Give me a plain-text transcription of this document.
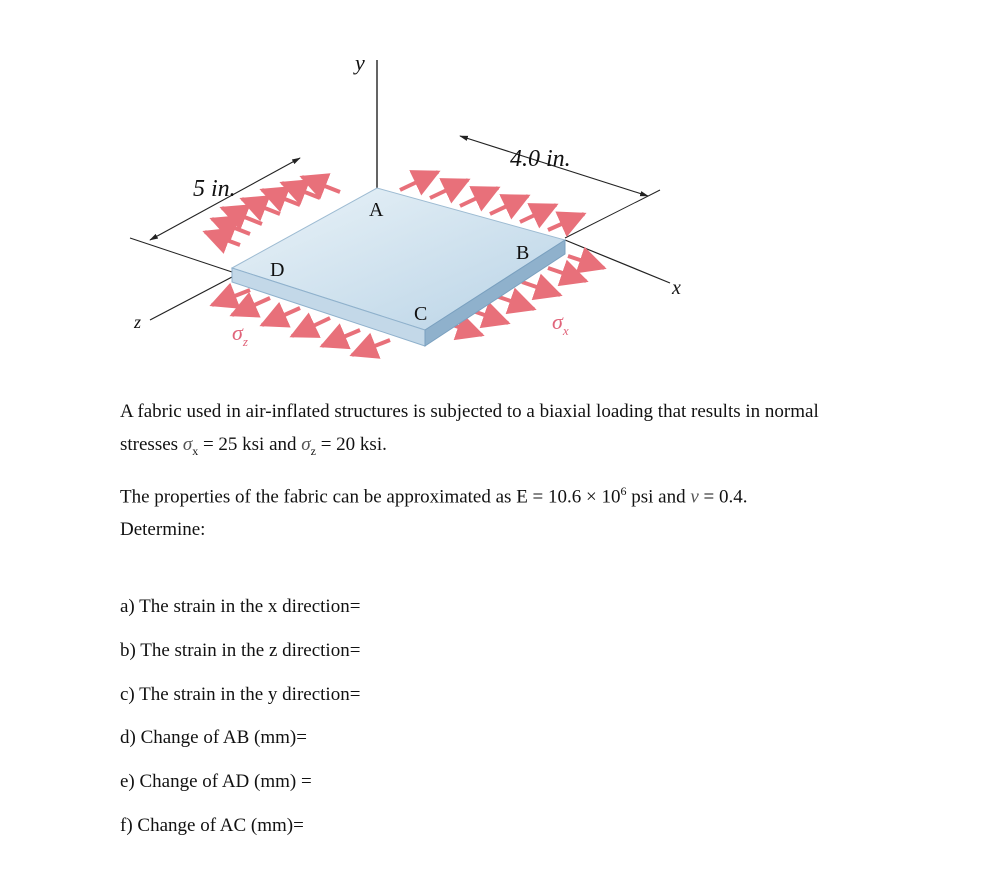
y
x
z
5 in.
4.0 in.
A
B
C
D
$\sigma_z$
$\sigma_x$

A fabric used in air-inflated structures is subjected to a biaxial loading that results in normal
stresses $\sigma_x = 25$ ksi and $\sigma_z = 20$ ksi.

The properties of the fabric can be approximated as $E = 10.6 \times 10^6$ psi and ν = 0.4.
Determine:

a) The strain in the x direction=

b) The strain in the z direction=

c) The strain in the y direction=

d) Change of AB (mm)=

e) Change of AD (mm) =

f) Change of AC (mm)=
